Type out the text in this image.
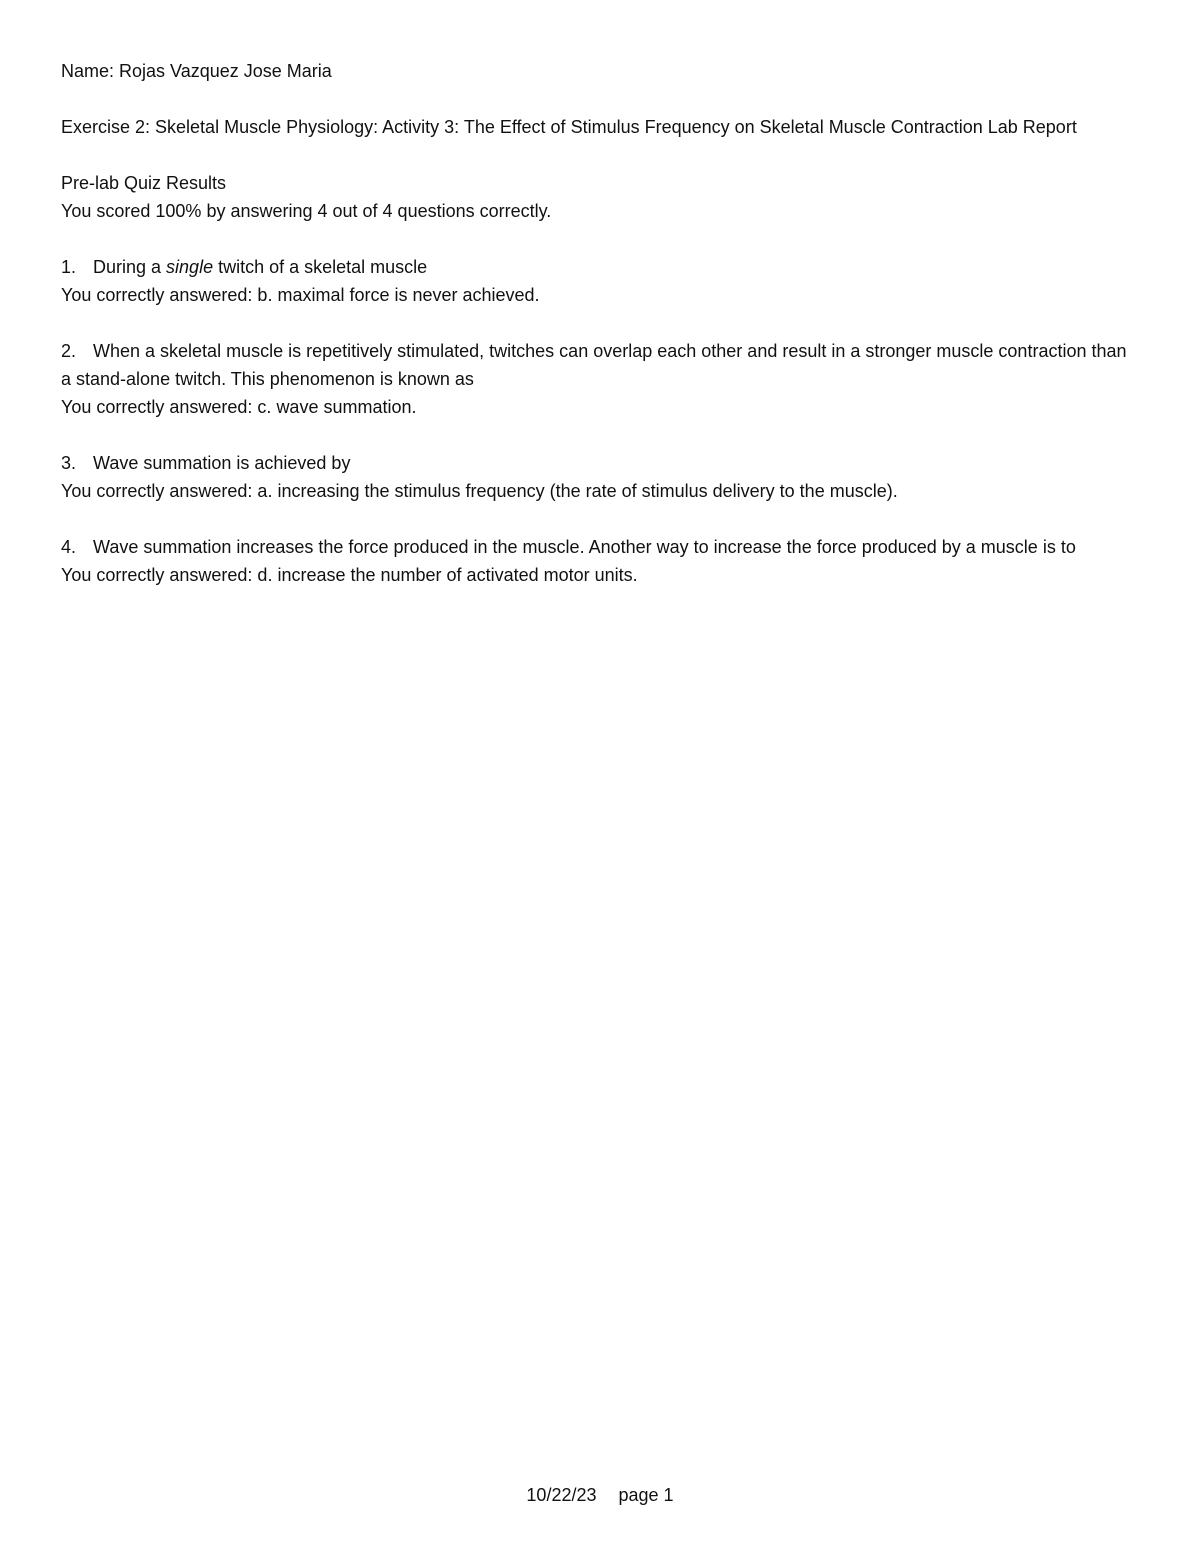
Name: Rojas Vazquez Jose Maria

Exercise 2: Skeletal Muscle Physiology: Activity 3: The Effect of Stimulus Frequency on Skeletal Muscle Contraction Lab Report

Pre-lab Quiz Results

You scored 100% by answering 4 out of 4 questions correctly.

1. During a single twitch of a skeletal muscle

You correctly answered: b. maximal force is never achieved.

2. When a skeletal muscle is repetitively stimulated, twitches can overlap each other and result in a stronger muscle contraction than a stand-alone twitch. This phenomenon is known as

You correctly answered: c. wave summation.

3. Wave summation is achieved by

You correctly answered: a. increasing the stimulus frequency (the rate of stimulus delivery to the muscle).

4. Wave summation increases the force produced in the muscle. Another way to increase the force produced by a muscle is to

You correctly answered: d. increase the number of activated motor units.

10/22/23 page 1
